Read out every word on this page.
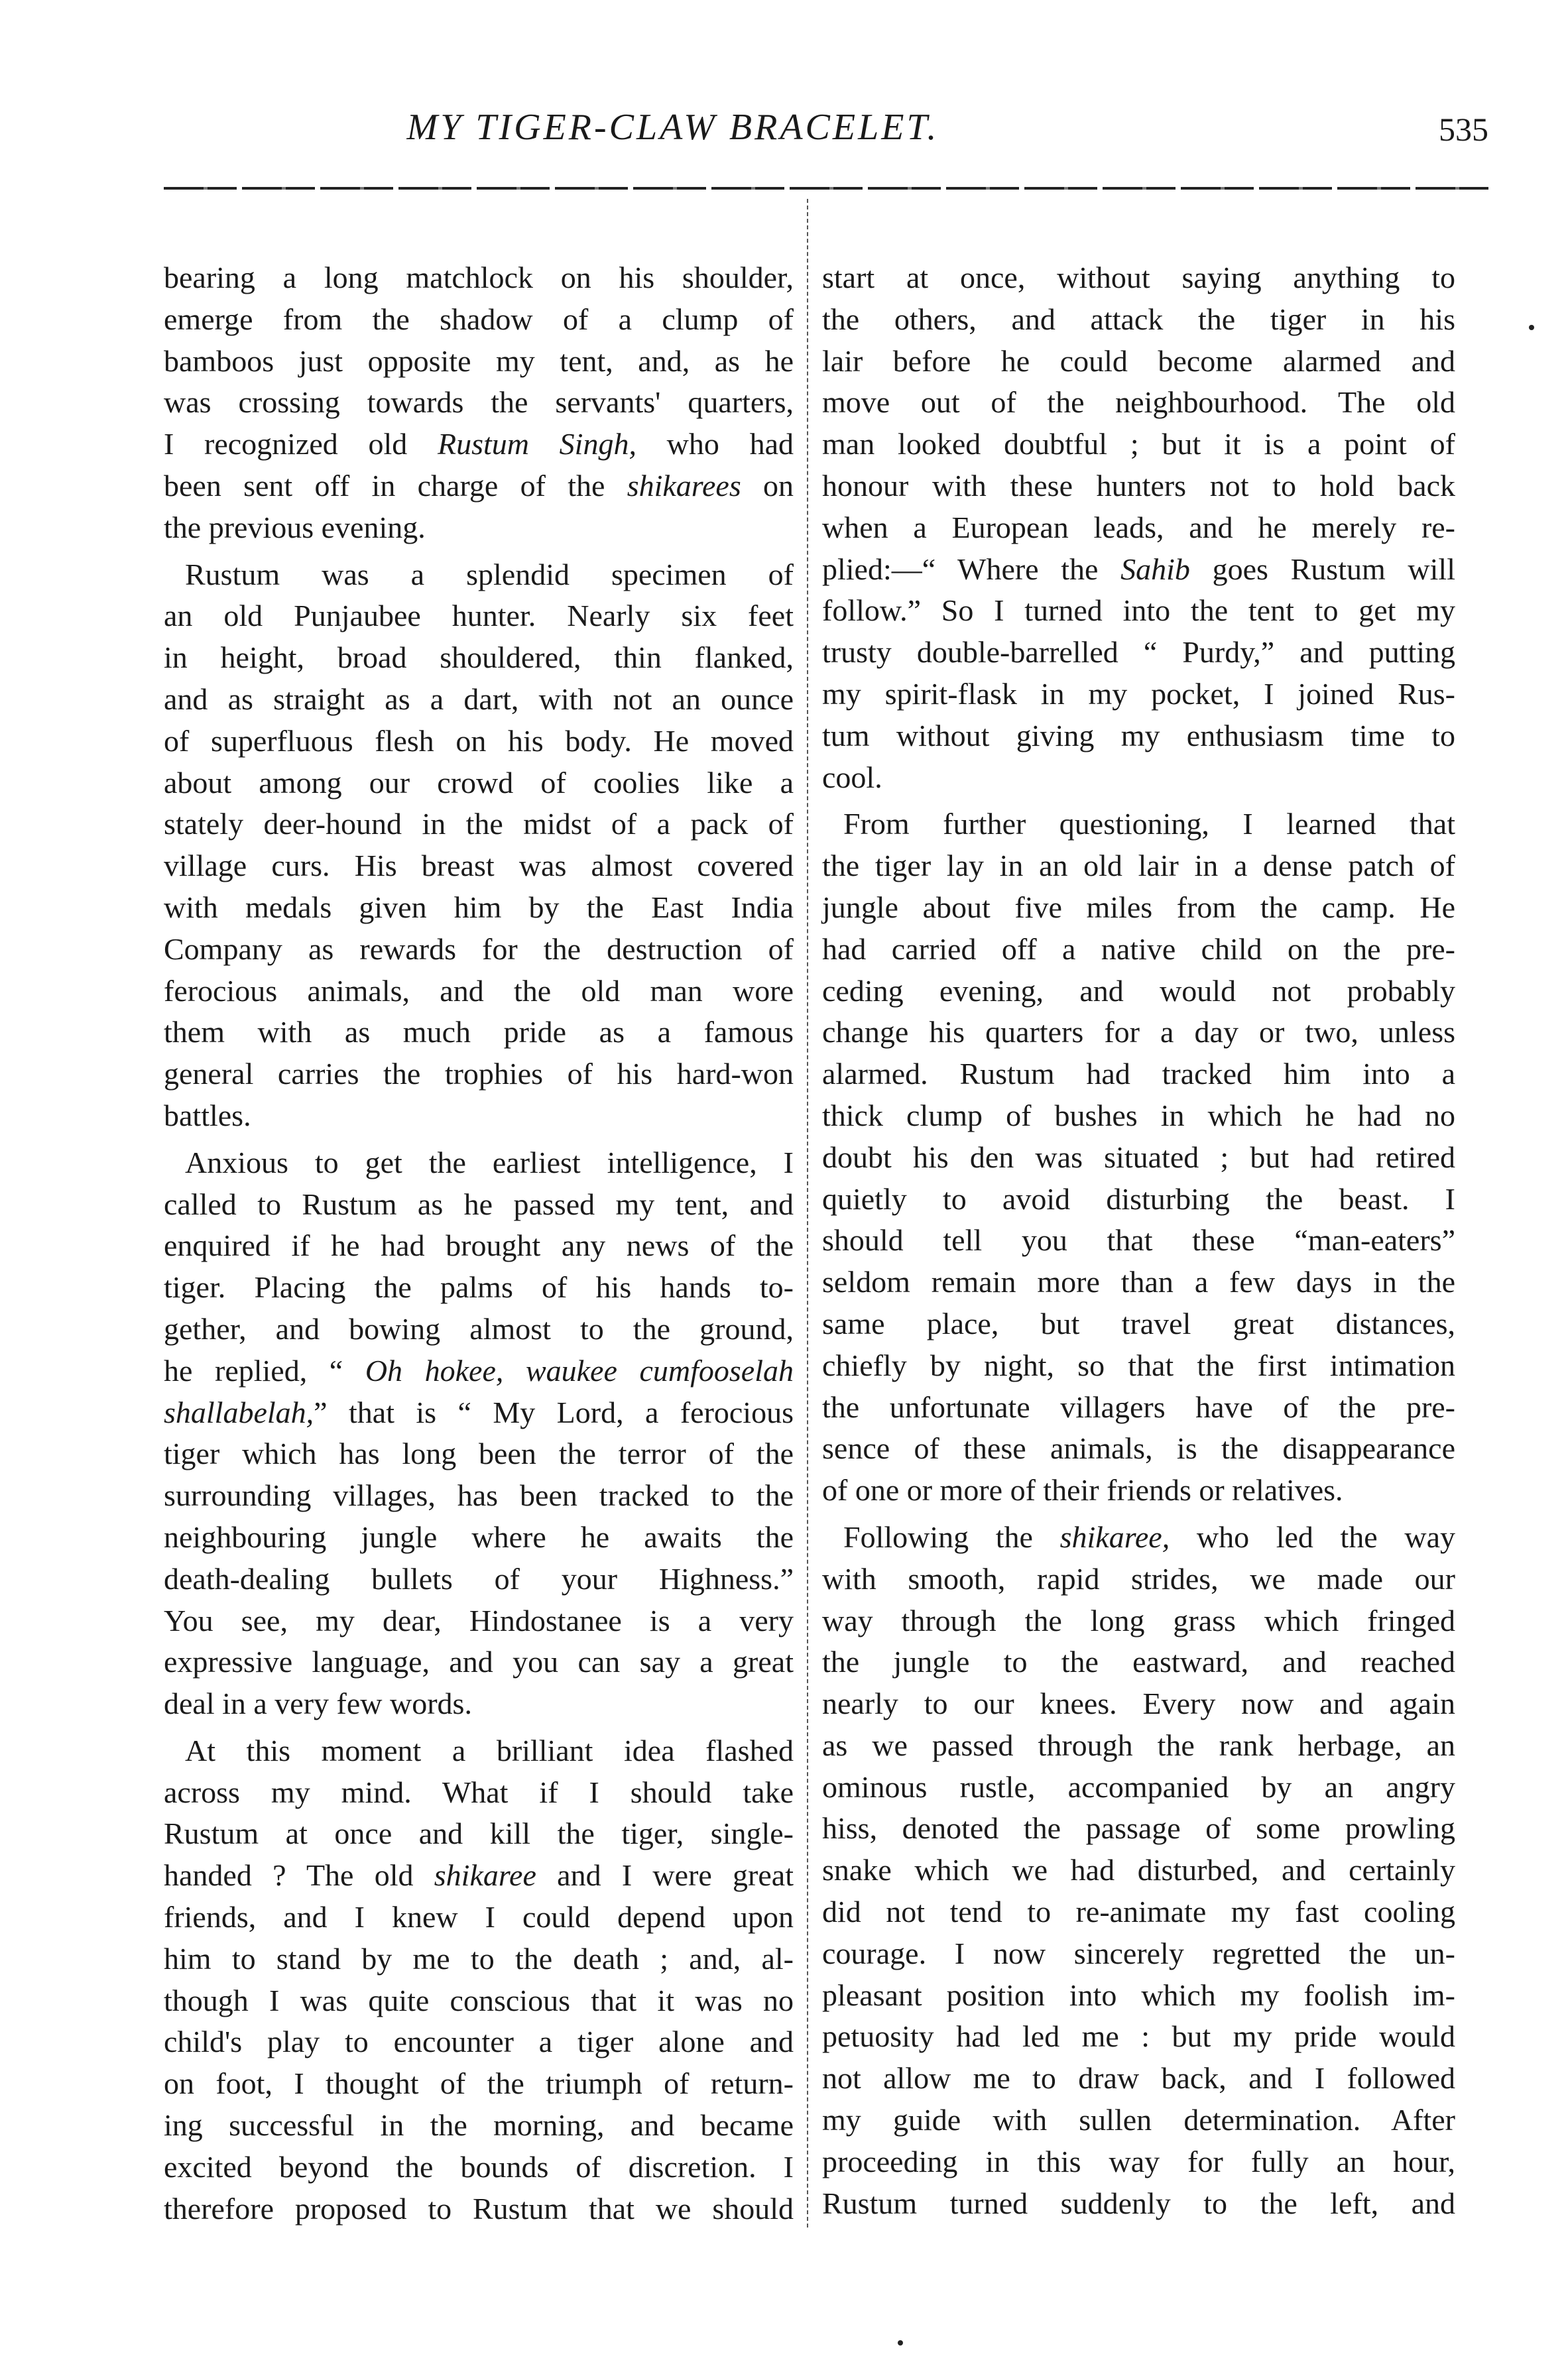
MY TIGER-CLAW BRACELET.	535
bearing a long matchlock on his shoulder,
emerge from the shadow of a clump of
bamboos just opposite my tent, and, as he
was crossing towards the servants' quarters,
I recognized old Rustum Singh, who had
been sent off in charge of the shikarees on
the previous evening.
Rustum was a splendid specimen of
an old Punjaubee hunter. Nearly six feet
in height, broad shouldered, thin flanked,
and as straight as a dart, with not an ounce
of superfluous flesh on his body. He moved
about among our crowd of coolies like a
stately deer-hound in the midst of a pack of
village curs. His breast was almost covered
with medals given him by the East India
Company as rewards for the destruction of
ferocious animals, and the old man wore
them with as much pride as a famous
general carries the trophies of his hard-won
battles.
Anxious to get the earliest intelligence, I
called to Rustum as he passed my tent, and
enquired if he had brought any news of the
tiger. Placing the palms of his hands to-
gether, and bowing almost to the ground,
he replied, “ Oh hokee, waukee cumfooselah
shallabelah,” that is “ My Lord, a ferocious
tiger which has long been the terror of the
surrounding villages, has been tracked to the
neighbouring jungle where he awaits the
death-dealing bullets of your Highness.”
You see, my dear, Hindostanee is a very
expressive language, and you can say a great
deal in a very few words.
At this moment a brilliant idea flashed
across my mind. What if I should take
Rustum at once and kill the tiger, single-
handed ? The old shikaree and I were great
friends, and I knew I could depend upon
him to stand by me to the death ; and, al-
though I was quite conscious that it was no
child's play to encounter a tiger alone and
on foot, I thought of the triumph of return-
ing successful in the morning, and became
excited beyond the bounds of discretion. I
therefore proposed to Rustum that we should
start at once, without saying anything to
the others, and attack the tiger in his
lair before he could become alarmed and
move out of the neighbourhood. The old
man looked doubtful ; but it is a point of
honour with these hunters not to hold back
when a European leads, and he merely re-
plied:—“ Where the Sahib goes Rustum will
follow.” So I turned into the tent to get my
trusty double-barrelled “ Purdy,” and putting
my spirit-flask in my pocket, I joined Rus-
tum without giving my enthusiasm time to
cool.
From further questioning, I learned that
the tiger lay in an old lair in a dense patch of
jungle about five miles from the camp. He
had carried off a native child on the pre-
ceding evening, and would not probably
change his quarters for a day or two, unless
alarmed. Rustum had tracked him into a
thick clump of bushes in which he had no
doubt his den was situated ; but had retired
quietly to avoid disturbing the beast. I
should tell you that these “man-eaters”
seldom remain more than a few days in the
same place, but travel great distances,
chiefly by night, so that the first intimation
the unfortunate villagers have of the pre-
sence of these animals, is the disappearance
of one or more of their friends or relatives.
Following the shikaree, who led the way
with smooth, rapid strides, we made our
way through the long grass which fringed
the jungle to the eastward, and reached
nearly to our knees. Every now and again
as we passed through the rank herbage, an
ominous rustle, accompanied by an angry
hiss, denoted the passage of some prowling
snake which we had disturbed, and certainly
did not tend to re-animate my fast cooling
courage. I now sincerely regretted the un-
pleasant position into which my foolish im-
petuosity had led me : but my pride would
not allow me to draw back, and I followed
my guide with sullen determination. After
proceeding in this way for fully an hour,
Rustum turned suddenly to the left, and
